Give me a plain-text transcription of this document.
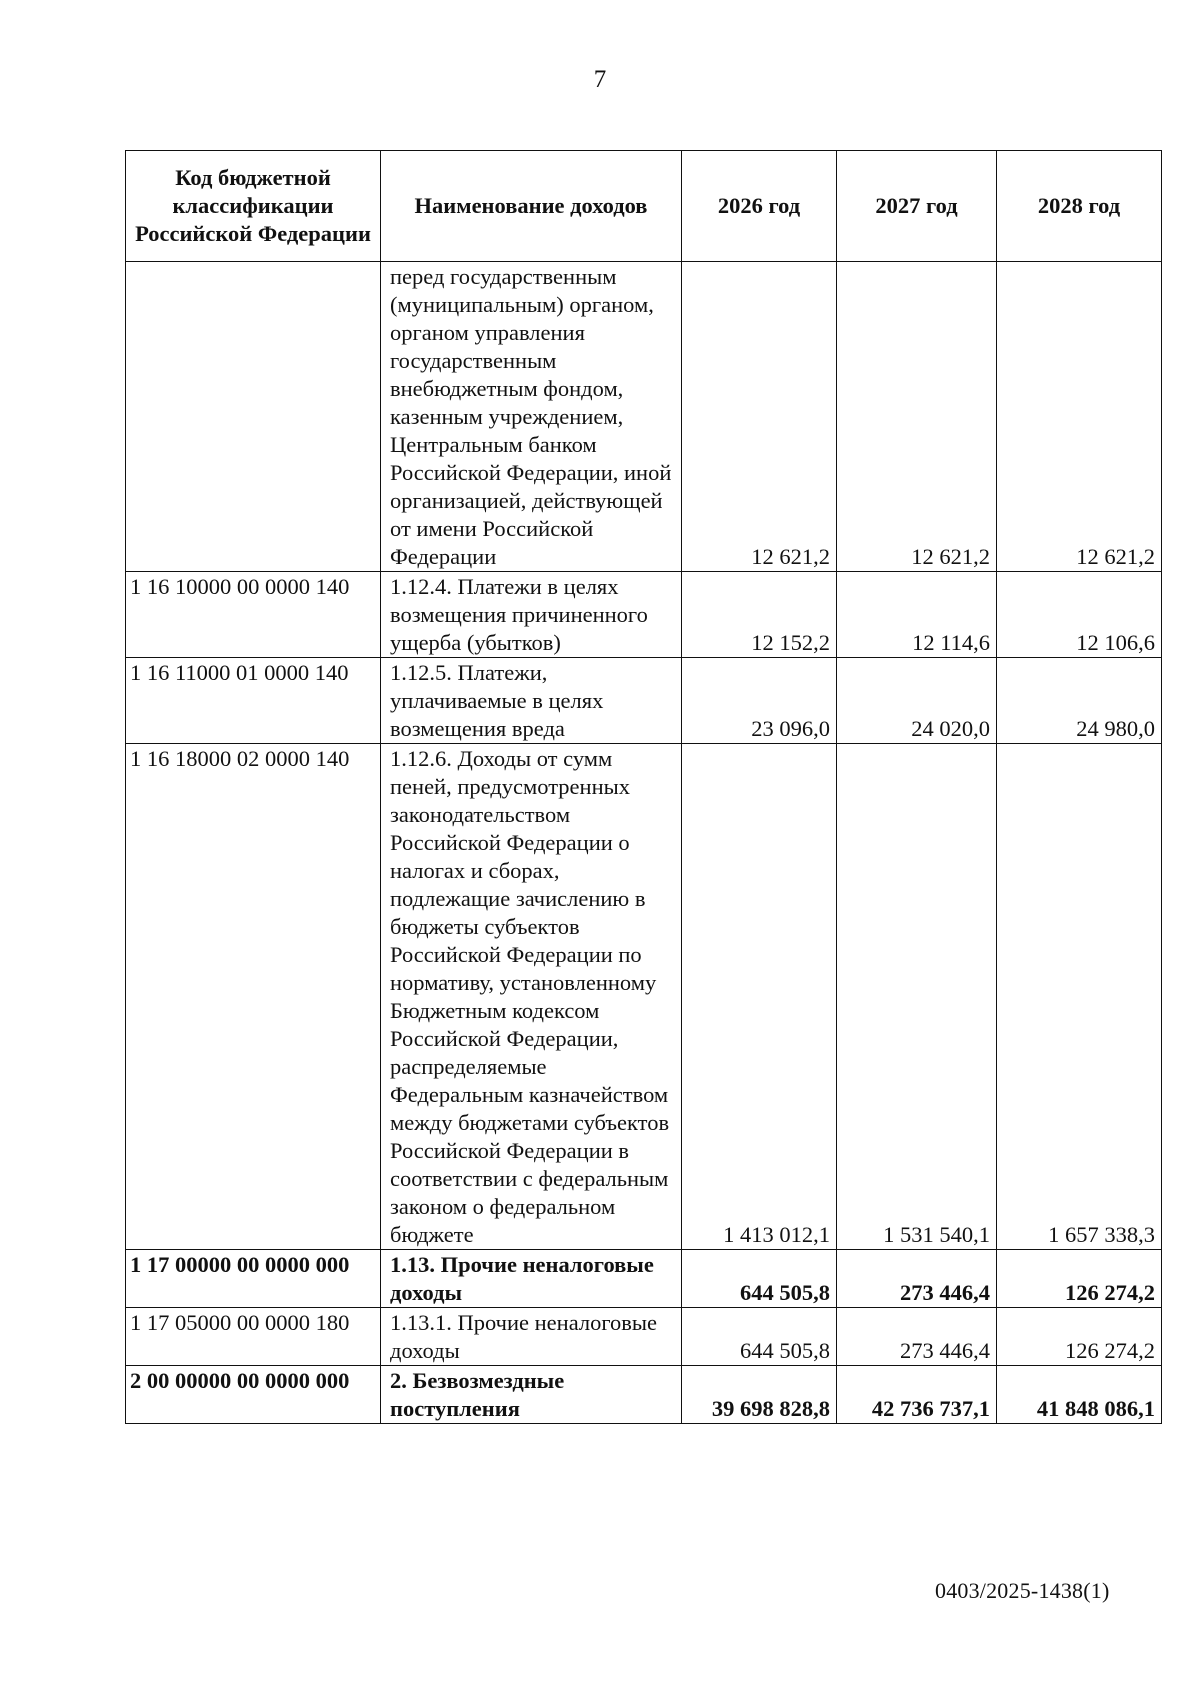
7
Код бюджетной классификации Российской Федерации	Наименование доходов	2026 год	2027 год	2028 год
	перед государственным (муниципальным) органом, органом управления государственным внебюджетным фондом, казенным учреждением, Центральным банком Российской Федерации, иной организацией, действующей от имени Российской Федерации	12 621,2	12 621,2	12 621,2
1 16 10000 00 0000 140	1.12.4. Платежи в целях возмещения причиненного ущерба (убытков)	12 152,2	12 114,6	12 106,6
1 16 11000 01 0000 140	1.12.5. Платежи, уплачиваемые в целях возмещения вреда	23 096,0	24 020,0	24 980,0
1 16 18000 02 0000 140	1.12.6. Доходы от сумм пеней, предусмотренных законодательством Российской Федерации о налогах и сборах, подлежащие зачислению в бюджеты субъектов Российской Федерации по нормативу, установленному Бюджетным кодексом Российской Федерации, распределяемые Федеральным казначейством между бюджетами субъектов Российской Федерации в соответствии с федеральным законом о федеральном бюджете	1 413 012,1	1 531 540,1	1 657 338,3
1 17 00000 00 0000 000	1.13. Прочие неналоговые доходы	644 505,8	273 446,4	126 274,2
1 17 05000 00 0000 180	1.13.1. Прочие неналоговые доходы	644 505,8	273 446,4	126 274,2
2 00 00000 00 0000 000	2. Безвозмездные поступления	39 698 828,8	42 736 737,1	41 848 086,1
0403/2025-1438(1)
